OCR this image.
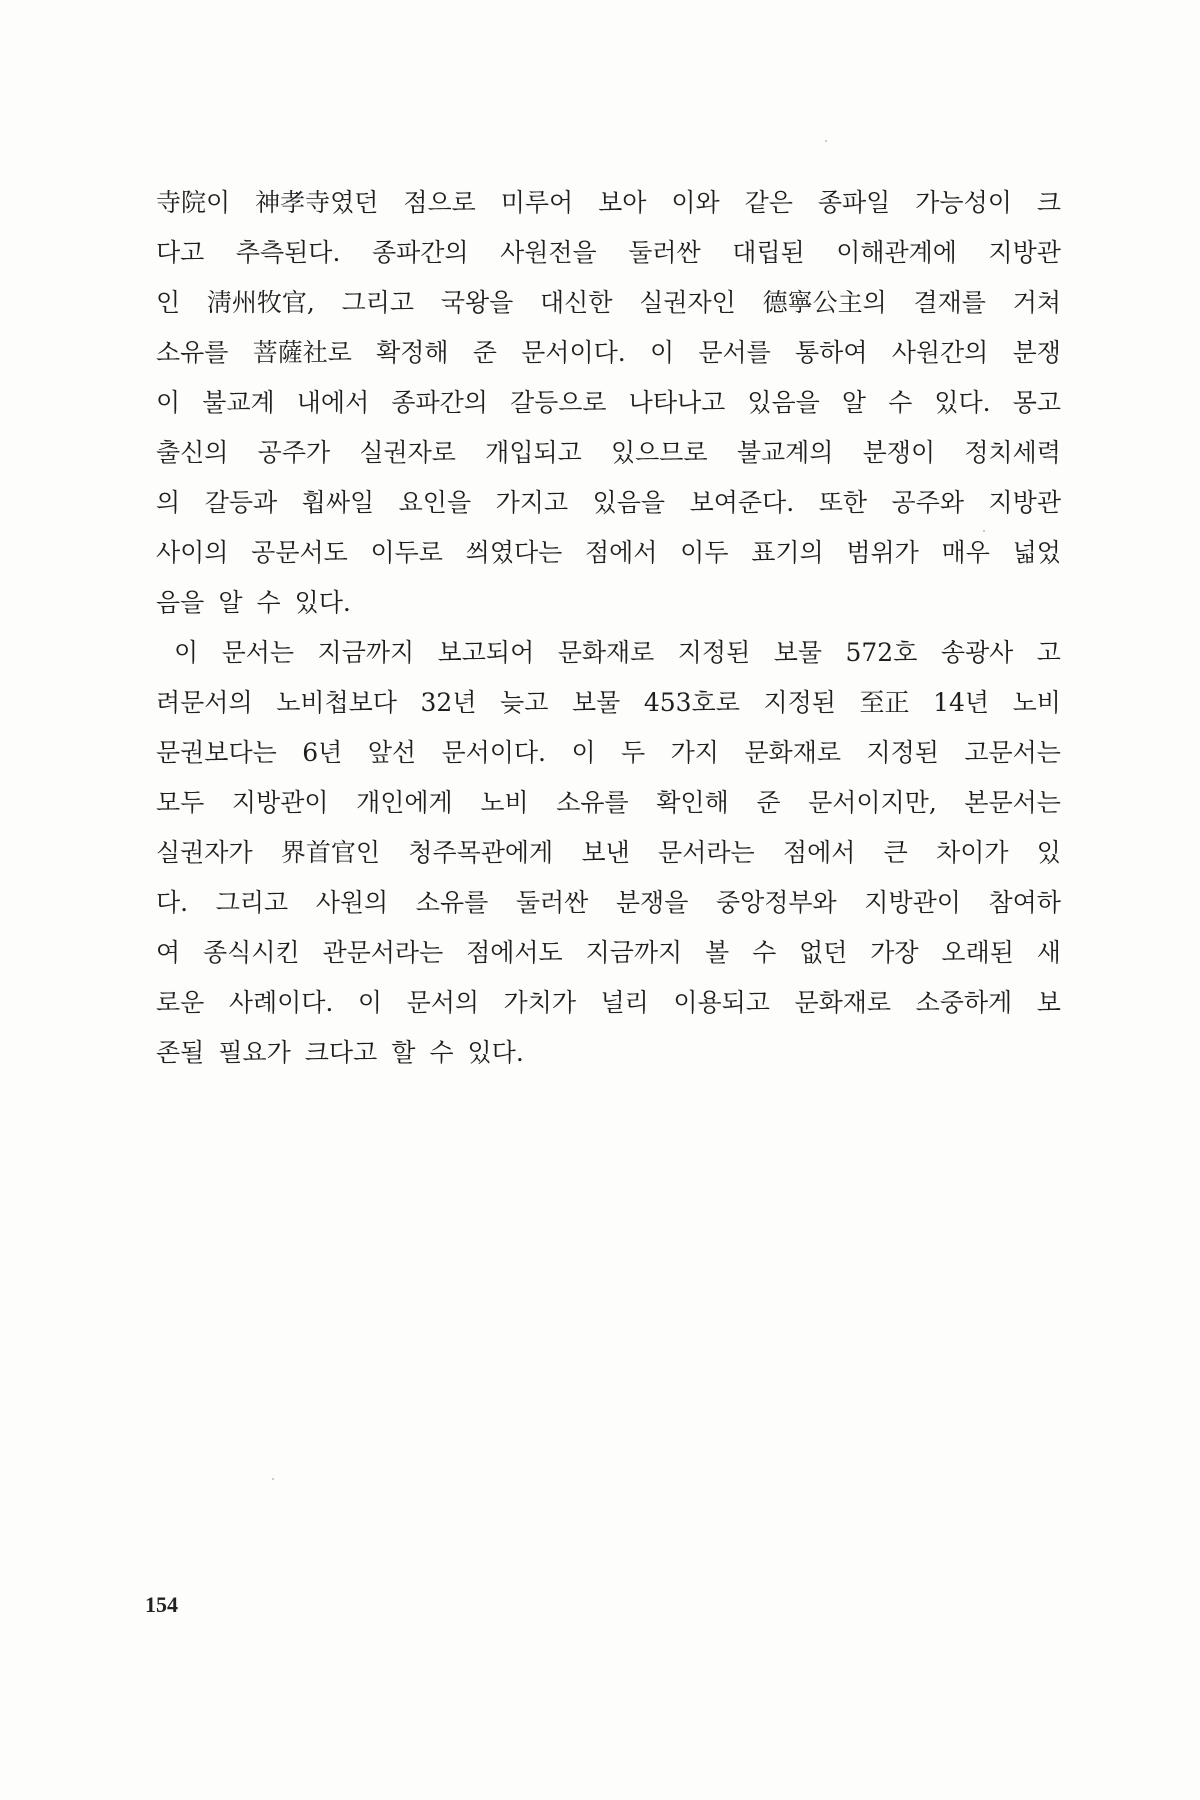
寺院이 神孝寺였던 점으로 미루어 보아 이와 같은 종파일 가능성이 크
다고 추측된다. 종파간의 사원전을 둘러싼 대립된 이해관계에 지방관
인 淸州牧官, 그리고 국왕을 대신한 실권자인 德寧公主의 결재를 거쳐
소유를 菩薩社로 확정해 준 문서이다. 이 문서를 통하여 사원간의 분쟁
이 불교계 내에서 종파간의 갈등으로 나타나고 있음을 알 수 있다. 몽고
출신의 공주가 실권자로 개입되고 있으므로 불교계의 분쟁이 정치세력
의 갈등과 휩싸일 요인을 가지고 있음을 보여준다. 또한 공주와 지방관
사이의 공문서도 이두로 씌였다는 점에서 이두 표기의 범위가 매우 넓었
음을 알 수 있다.
이 문서는 지금까지 보고되어 문화재로 지정된 보물 572호 송광사 고
려문서의 노비첩보다 32년 늦고 보물 453호로 지정된 至正 14년 노비
문권보다는 6년 앞선 문서이다. 이 두 가지 문화재로 지정된 고문서는
모두 지방관이 개인에게 노비 소유를 확인해 준 문서이지만, 본문서는
실권자가 界首官인 청주목관에게 보낸 문서라는 점에서 큰 차이가 있
다. 그리고 사원의 소유를 둘러싼 분쟁을 중앙정부와 지방관이 참여하
여 종식시킨 관문서라는 점에서도 지금까지 볼 수 없던 가장 오래된 새
로운 사례이다. 이 문서의 가치가 널리 이용되고 문화재로 소중하게 보
존될 필요가 크다고 할 수 있다.
154
